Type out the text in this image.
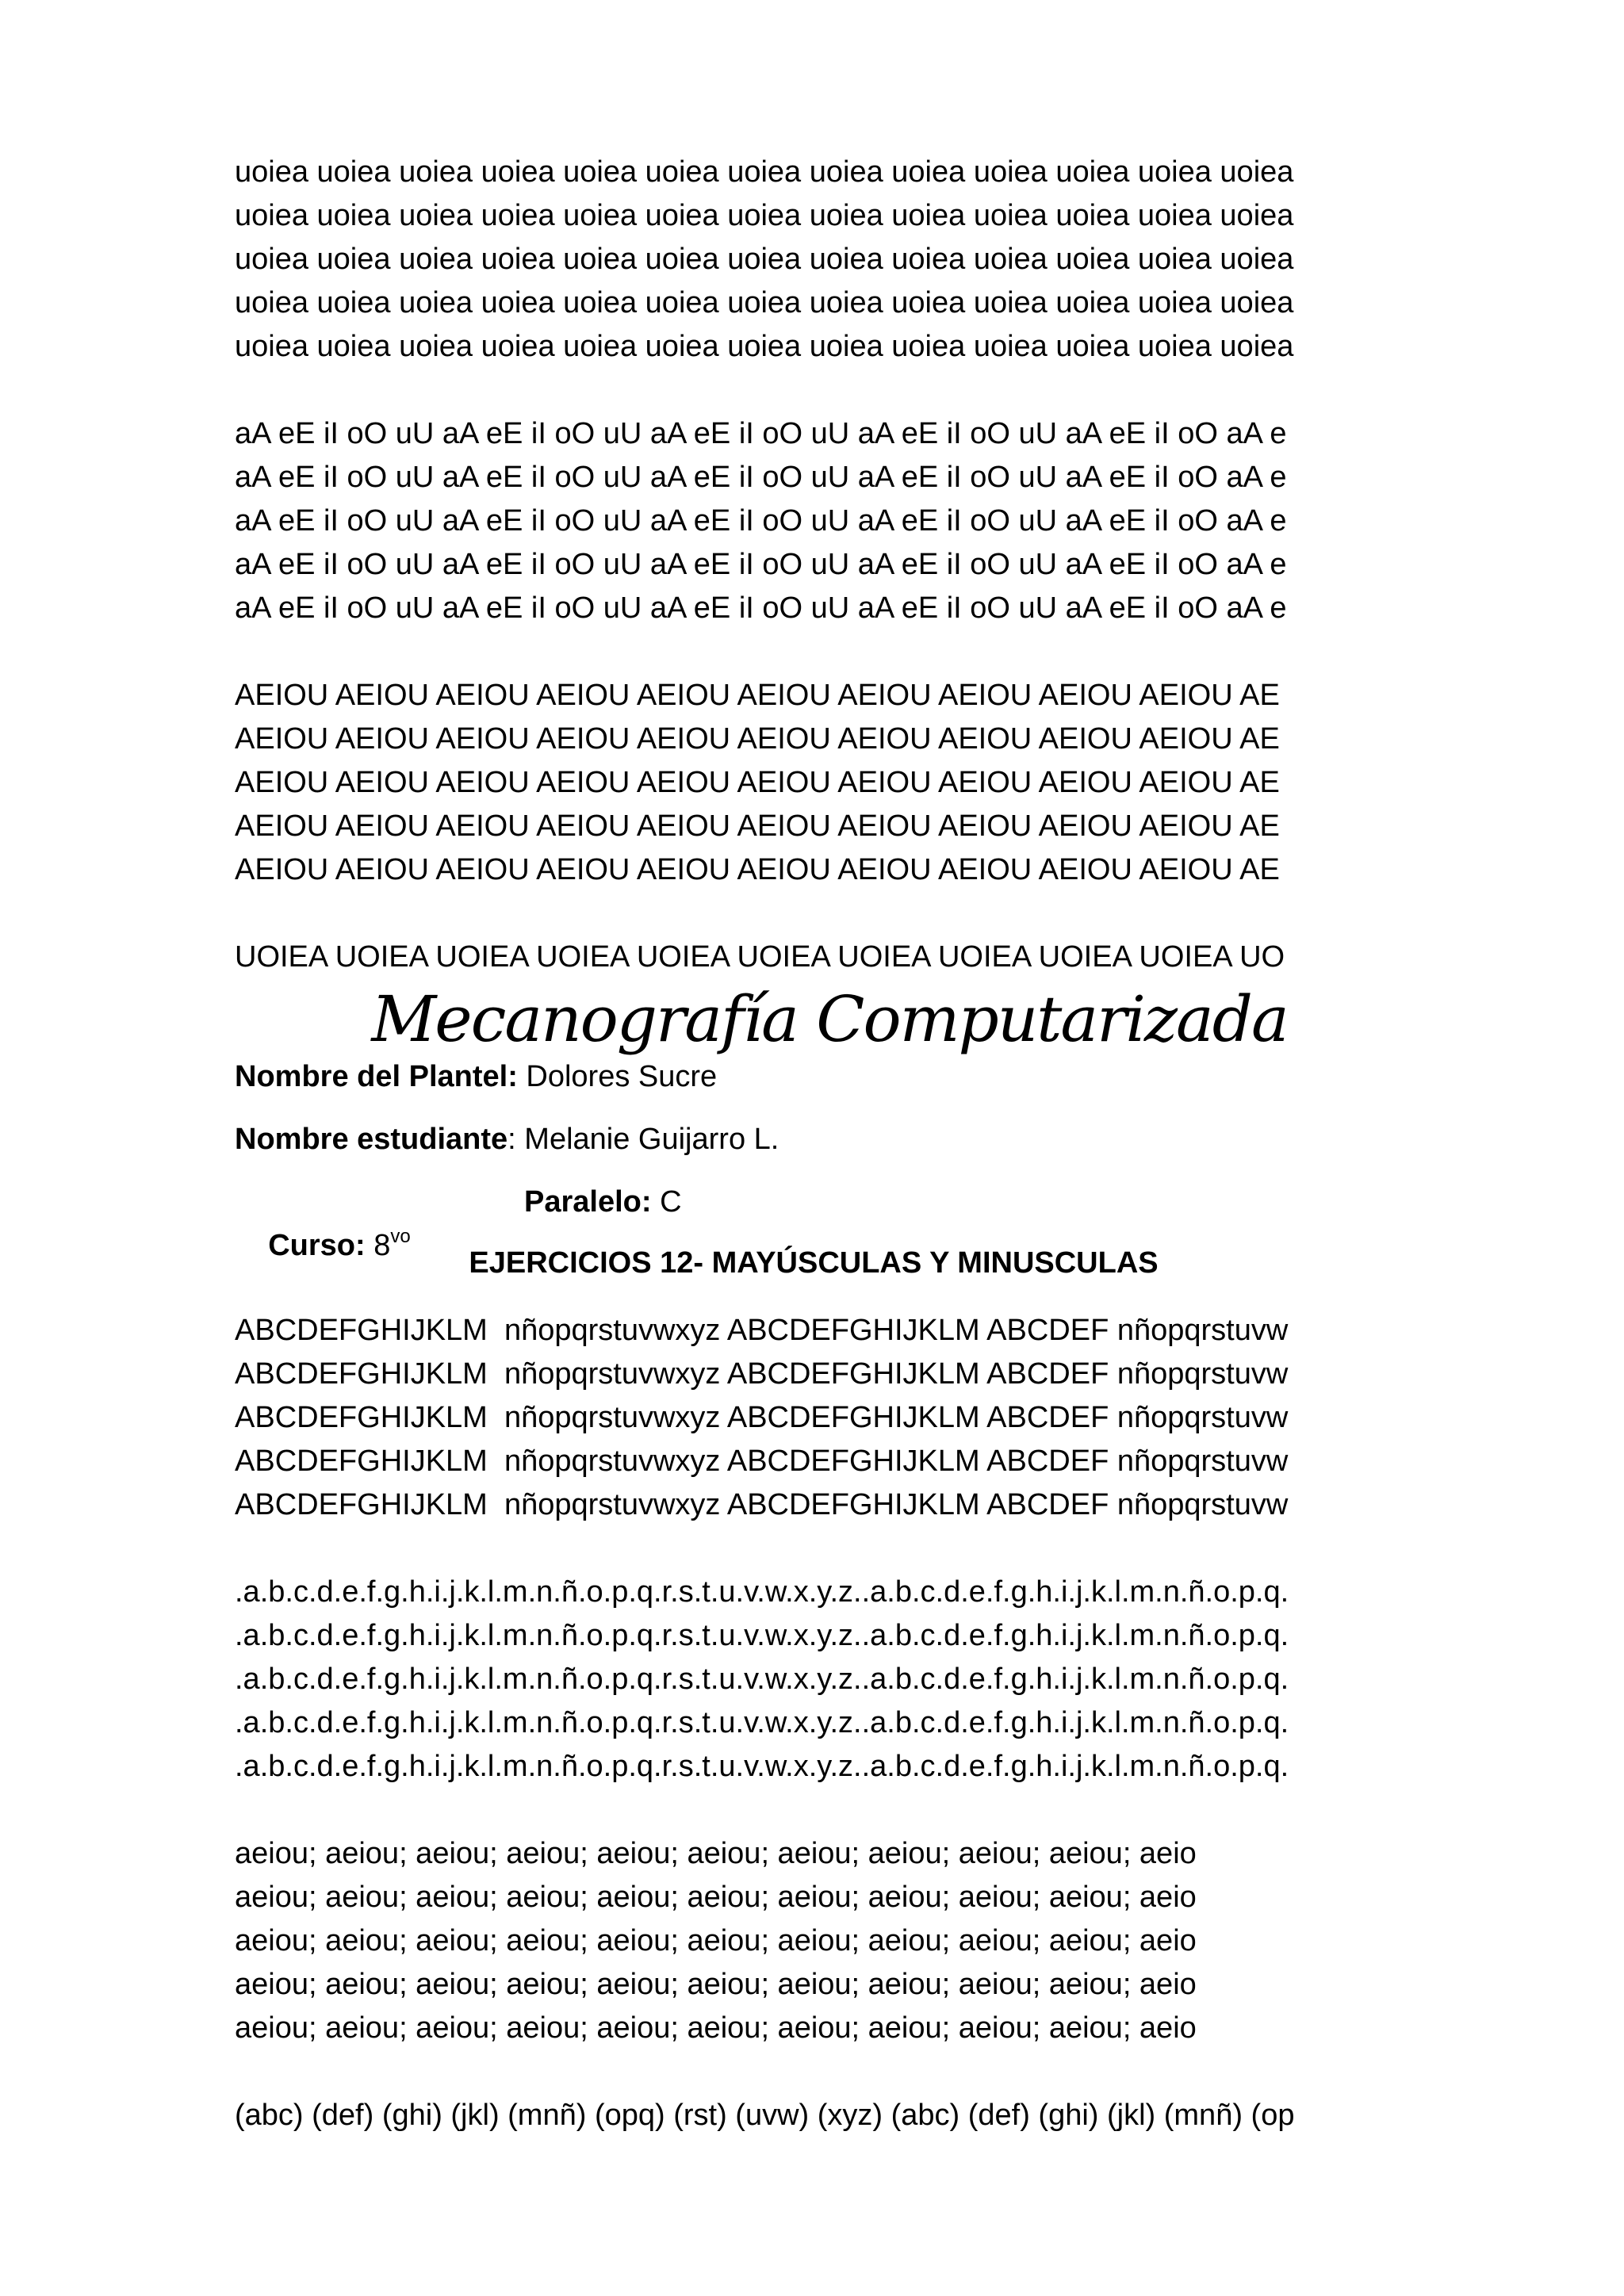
uoiea uoiea uoiea uoiea uoiea uoiea uoiea uoiea uoiea uoiea uoiea uoiea uoiea
uoiea uoiea uoiea uoiea uoiea uoiea uoiea uoiea uoiea uoiea uoiea uoiea uoiea
uoiea uoiea uoiea uoiea uoiea uoiea uoiea uoiea uoiea uoiea uoiea uoiea uoiea
uoiea uoiea uoiea uoiea uoiea uoiea uoiea uoiea uoiea uoiea uoiea uoiea uoiea
uoiea uoiea uoiea uoiea uoiea uoiea uoiea uoiea uoiea uoiea uoiea uoiea uoiea
aA eE iI oO uU aA eE iI oO uU aA eE iI oO uU aA eE iI oO uU aA eE iI oO aA e
aA eE iI oO uU aA eE iI oO uU aA eE iI oO uU aA eE iI oO uU aA eE iI oO aA e
aA eE iI oO uU aA eE iI oO uU aA eE iI oO uU aA eE iI oO uU aA eE iI oO aA e
aA eE iI oO uU aA eE iI oO uU aA eE iI oO uU aA eE iI oO uU aA eE iI oO aA e
aA eE iI oO uU aA eE iI oO uU aA eE iI oO uU aA eE iI oO uU aA eE iI oO aA e
AEIOU AEIOU AEIOU AEIOU AEIOU AEIOU AEIOU AEIOU AEIOU AEIOU AE
AEIOU AEIOU AEIOU AEIOU AEIOU AEIOU AEIOU AEIOU AEIOU AEIOU AE
AEIOU AEIOU AEIOU AEIOU AEIOU AEIOU AEIOU AEIOU AEIOU AEIOU AE
AEIOU AEIOU AEIOU AEIOU AEIOU AEIOU AEIOU AEIOU AEIOU AEIOU AE
AEIOU AEIOU AEIOU AEIOU AEIOU AEIOU AEIOU AEIOU AEIOU AEIOU AE
UOIEA UOIEA UOIEA UOIEA UOIEA UOIEA UOIEA UOIEA UOIEA UOIEA UO
Mecanografía Computarizada
Nombre del Plantel: Dolores Sucre
Nombre estudiante: Melanie Guijarro L.

Curso: $8^{vo}$

Paralelo: C

EJERCICIOS 12- MAYÚSCULAS Y MINUSCULAS
ABCDEFGHIJKLM  nñopqrstuvwxyz ABCDEFGHIJKLM ABCDEF nñopqrstuvw
ABCDEFGHIJKLM  nñopqrstuvwxyz ABCDEFGHIJKLM ABCDEF nñopqrstuvw
ABCDEFGHIJKLM  nñopqrstuvwxyz ABCDEFGHIJKLM ABCDEF nñopqrstuvw
ABCDEFGHIJKLM  nñopqrstuvwxyz ABCDEFGHIJKLM ABCDEF nñopqrstuvw
ABCDEFGHIJKLM  nñopqrstuvwxyz ABCDEFGHIJKLM ABCDEF nñopqrstuvw
.a.b.c.d.e.f.g.h.i.j.k.l.m.n.ñ.o.p.q.r.s.t.u.v.w.x.y.z..a.b.c.d.e.f.g.h.i.j.k.l.m.n.ñ.o.p.q.
.a.b.c.d.e.f.g.h.i.j.k.l.m.n.ñ.o.p.q.r.s.t.u.v.w.x.y.z..a.b.c.d.e.f.g.h.i.j.k.l.m.n.ñ.o.p.q.
.a.b.c.d.e.f.g.h.i.j.k.l.m.n.ñ.o.p.q.r.s.t.u.v.w.x.y.z..a.b.c.d.e.f.g.h.i.j.k.l.m.n.ñ.o.p.q.
.a.b.c.d.e.f.g.h.i.j.k.l.m.n.ñ.o.p.q.r.s.t.u.v.w.x.y.z..a.b.c.d.e.f.g.h.i.j.k.l.m.n.ñ.o.p.q.
.a.b.c.d.e.f.g.h.i.j.k.l.m.n.ñ.o.p.q.r.s.t.u.v.w.x.y.z..a.b.c.d.e.f.g.h.i.j.k.l.m.n.ñ.o.p.q.
aeiou; aeiou; aeiou; aeiou; aeiou; aeiou; aeiou; aeiou; aeiou; aeiou; aeio
aeiou; aeiou; aeiou; aeiou; aeiou; aeiou; aeiou; aeiou; aeiou; aeiou; aeio
aeiou; aeiou; aeiou; aeiou; aeiou; aeiou; aeiou; aeiou; aeiou; aeiou; aeio
aeiou; aeiou; aeiou; aeiou; aeiou; aeiou; aeiou; aeiou; aeiou; aeiou; aeio
aeiou; aeiou; aeiou; aeiou; aeiou; aeiou; aeiou; aeiou; aeiou; aeiou; aeio
(abc) (def) (ghi) (jkl) (mnñ) (opq) (rst) (uvw) (xyz) (abc) (def) (ghi) (jkl) (mnñ) (op
